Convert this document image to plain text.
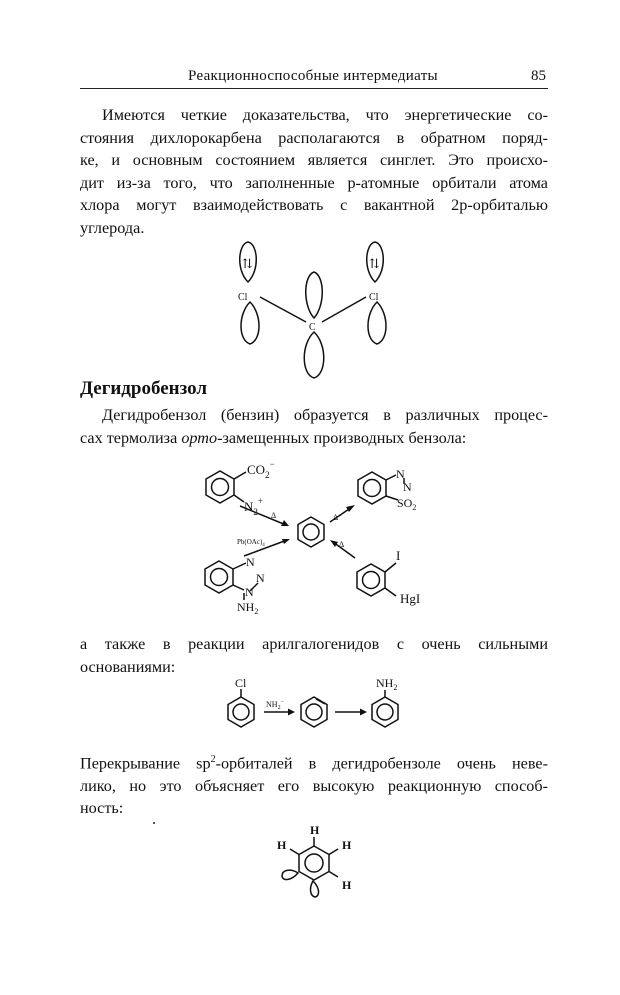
Реакционноспособные интермедиаты	85
Имеются четкие доказательства, что энергетические со-
стояния дихлорокарбена располагаются в обратном поряд-
ке, и основным состоянием является синглет. Это происхо-
дит из-за того, что заполненные р-атомные орбитали атома
хлора могут взаимодействовать с вакантной 2р-орбиталью
углерода.
Дегидробензол
Дегидробензол (бензин) образуется в различных процес-
сах термолиза орто-замещенных производных бензола:
а также в реакции арилгалогенидов с очень сильными
основаниями:
Перекрывание $sp^2$-орбиталей в дегидробензоле очень неве-
лико, но это объясняет его высокую реакционную способ-
ность:
Cl
C
Cl
⇅	⇅
$CO_2^-$
$N_2^+$
N
N
$SO_2$
N
N
N
$NH_2$
I
HgI
Δ	Δ
Δ
$Pb(OAc)_4$
Cl
$NH_2^-$
$NH_2$
H
H	H
H
